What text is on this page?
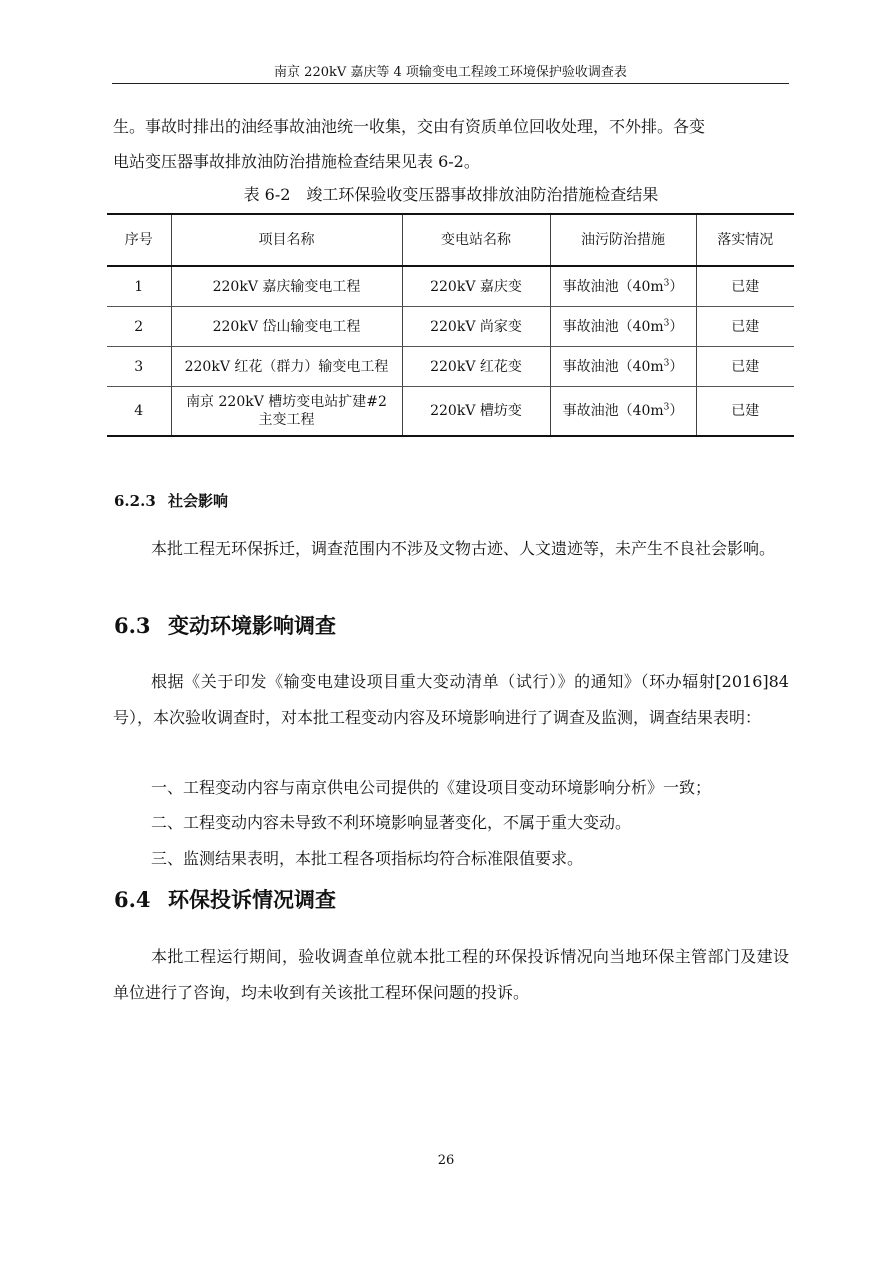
南京 220kV 嘉庆等 4 项输变电工程竣工环境保护验收调查表

生。事故时排出的油经事故油池统一收集，交由有资质单位回收处理，不外排。各变

电站变压器事故排放油防治措施检查结果见表 6-2。

表 6-2　竣工环保验收变压器事故排放油防治措施检查结果
序号	项目名称	变电站名称	油污防治措施	落实情况
1	220kV 嘉庆输变电工程	220kV 嘉庆变	事故油池$(40m^3)$	已建
2	220kV 岱山输变电工程	220kV 尚家变	事故油池$(40m^3)$	已建
3	220kV 红花（群力）输变电工程	220kV 红花变	事故油池$(40m^3)$	已建
4	南京 220kV 槽坊变电站扩建#2 主变工程	220kV 槽坊变	事故油池$(40m^3)$	已建
6.2.3 社会影响

本批工程无环保拆迁，调查范围内不涉及文物古迹、人文遗迹等，未产生不良社会影响。

6.3 变动环境影响调查

根据《关于印发《输变电建设项目重大变动清单（试行）》的通知》（环办辐射[2016]84号），本次验收调查时，对本批工程变动内容及环境影响进行了调查及监测，调查结果表明：

一、工程变动内容与南京供电公司提供的《建设项目变动环境影响分析》一致；

二、工程变动内容未导致不利环境影响显著变化，不属于重大变动。

三、监测结果表明，本批工程各项指标均符合标准限值要求。

6.4 环保投诉情况调查

本批工程运行期间，验收调查单位就本批工程的环保投诉情况向当地环保主管部门及建设单位进行了咨询，均未收到有关该批工程环保问题的投诉。

26
